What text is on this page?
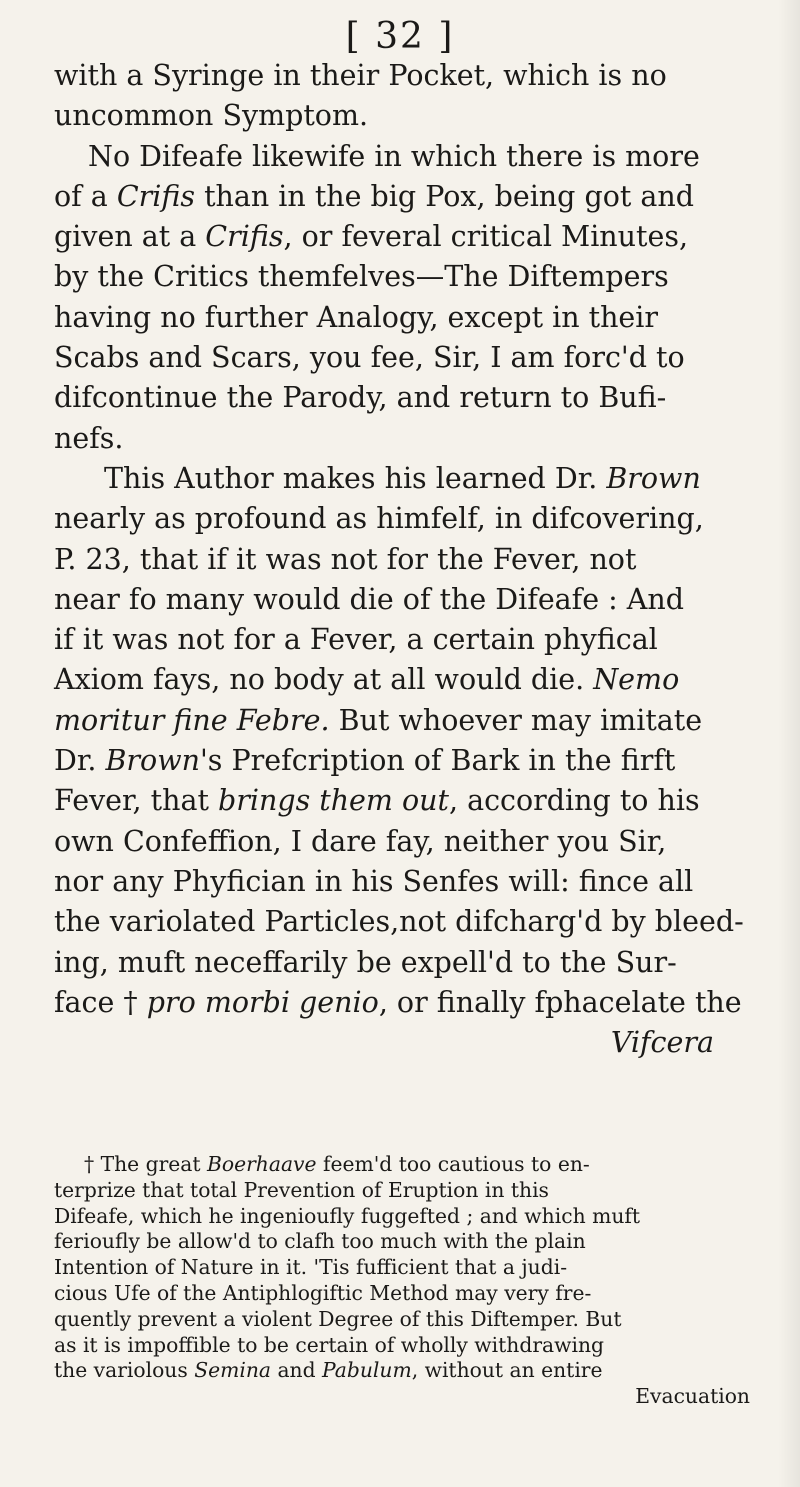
[ 32 ]
with a Syringe in their Pocket, which is no
uncommon Symptom.
No Difeafe likewife in which there is more
of a Crifis than in the big Pox, being got and
given at a Crifis, or feveral critical Minutes,
by the Critics themfelves—The Diftempers
having no further Analogy, except in their
Scabs and Scars, you fee, Sir, I am forc'd to
difcontinue the Parody, and return to Bufi-
nefs.
This Author makes his learned Dr. Brown
nearly as profound as himfelf, in difcovering,
P. 23, that if it was not for the Fever, not
near fo many would die of the Difeafe : And
if it was not for a Fever, a certain phyfical
Axiom fays, no body at all would die. Nemo
moritur fine Febre. But whoever may imitate
Dr. Brown's Prefcription of Bark in the firft
Fever, that brings them out, according to his
own Confeffion, I dare fay, neither you Sir,
nor any Phyfician in his Senfes will: fince all
the variolated Particles,not difcharg'd by bleed-
ing, muft neceffarily be expell'd to the Sur-
face † pro morbi genio, or finally fphacelate the
Vifcera
† The great Boerhaave feem'd too cautious to en-
terprize that total Prevention of Eruption in this
Difeafe, which he ingenioufly fuggefted ; and which muft
ferioufly be allow'd to clafh too much with the plain
Intention of Nature in it. 'Tis fufficient that a judi-
cious Ufe of the Antiphlogiftic Method may very fre-
quently prevent a violent Degree of this Diftemper. But
as it is impoffible to be certain of wholly withdrawing
the variolous Semina and Pabulum, without an entire
Evacuation
